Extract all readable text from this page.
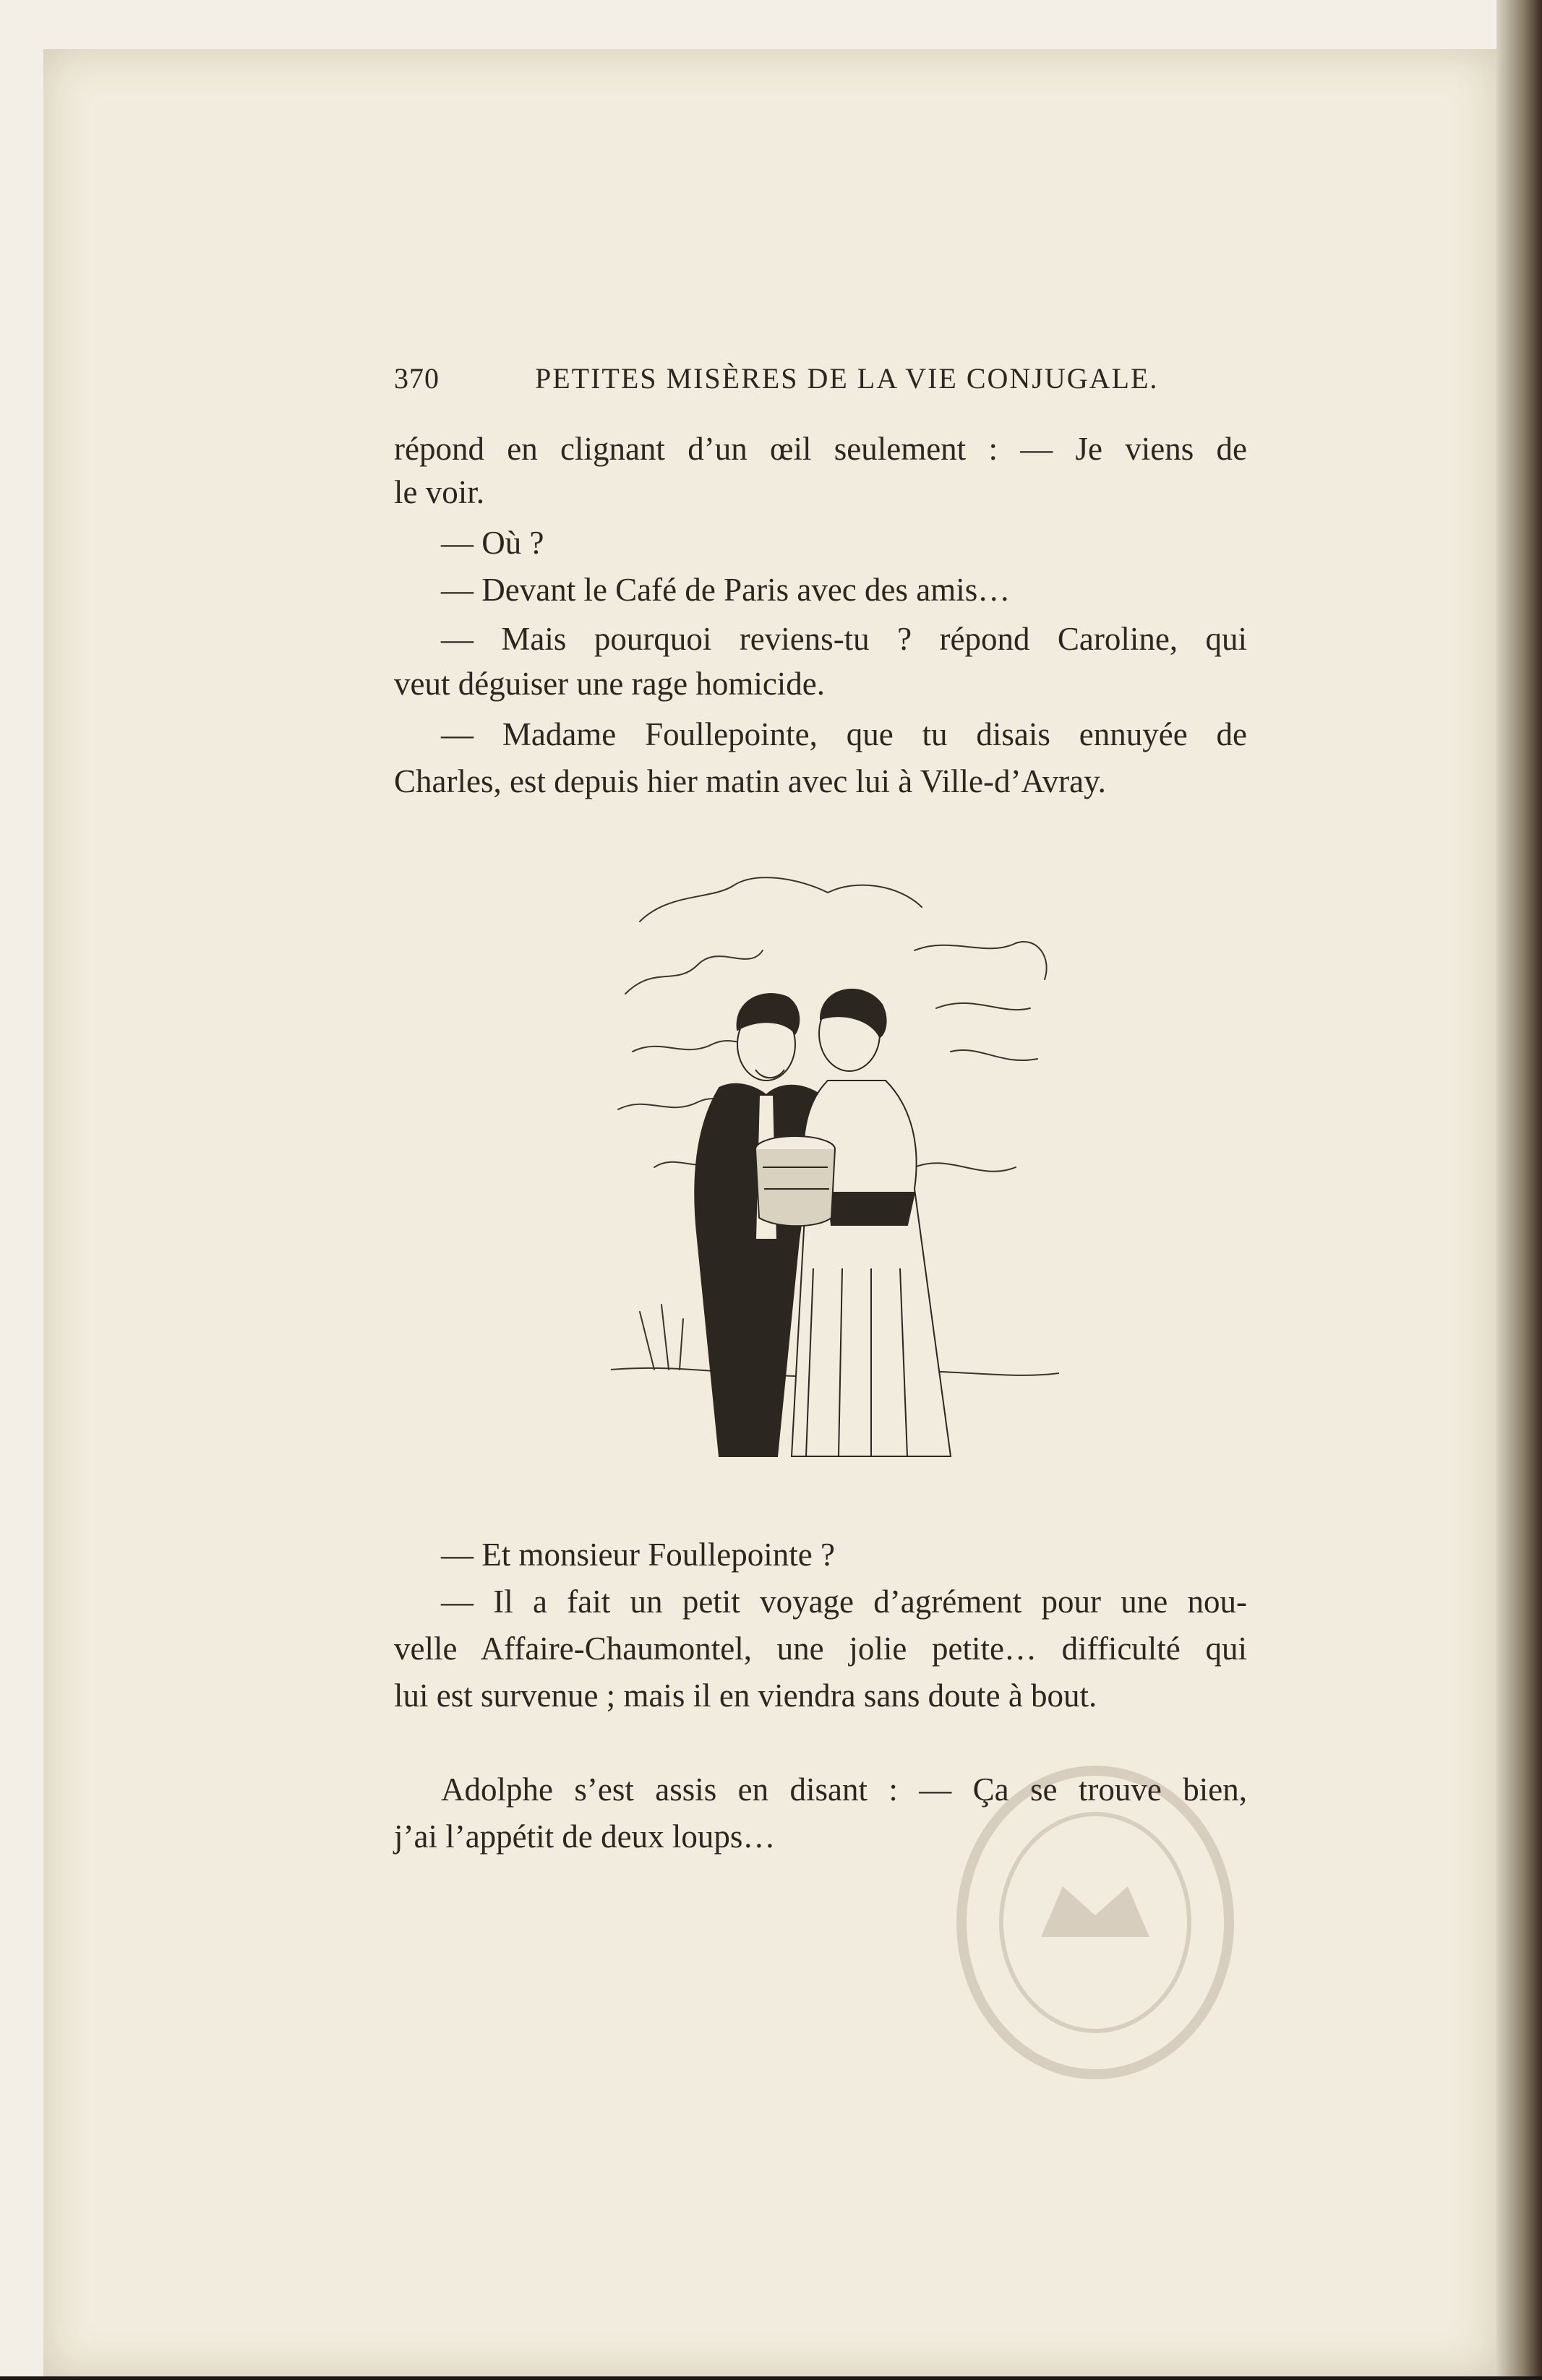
370	PETITES MISÈRES DE LA VIE CONJUGALE.
répond en clignant d’un œil seulement : — Je viens de
le voir.
— Où ?
— Devant le Café de Paris avec des amis…
— Mais pourquoi reviens-tu ? répond Caroline, qui
veut déguiser une rage homicide.
— Madame Foullepointe, que tu disais ennuyée de
Charles, est depuis hier matin avec lui à Ville-d’Avray.
— Et monsieur Foullepointe ?
— Il a fait un petit voyage d’agrément pour une nou-
velle Affaire-Chaumontel, une jolie petite… difficulté qui
lui est survenue ; mais il en viendra sans doute à bout.
Adolphe s’est assis en disant : — Ça se trouve bien,
j’ai l’appétit de deux loups…
